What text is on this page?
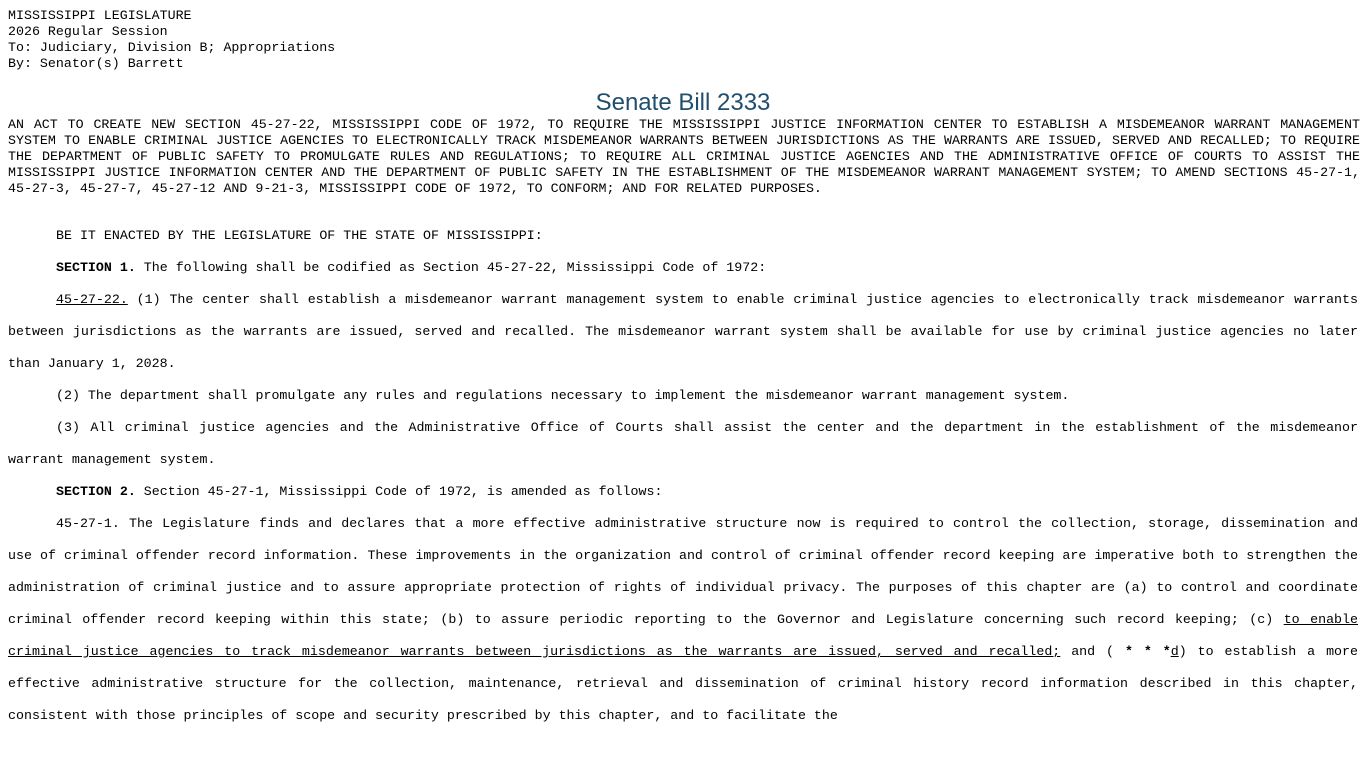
MISSISSIPPI LEGISLATURE
2026 Regular Session
To: Judiciary, Division B; Appropriations
By: Senator(s) Barrett
Senate Bill 2333
AN ACT TO CREATE NEW SECTION 45-27-22, MISSISSIPPI CODE OF 1972, TO REQUIRE THE MISSISSIPPI JUSTICE INFORMATION CENTER TO ESTABLISH A MISDEMEANOR WARRANT MANAGEMENT SYSTEM TO ENABLE CRIMINAL JUSTICE AGENCIES TO ELECTRONICALLY TRACK MISDEMEANOR WARRANTS BETWEEN JURISDICTIONS AS THE WARRANTS ARE ISSUED, SERVED AND RECALLED; TO REQUIRE THE DEPARTMENT OF PUBLIC SAFETY TO PROMULGATE RULES AND REGULATIONS; TO REQUIRE ALL CRIMINAL JUSTICE AGENCIES AND THE ADMINISTRATIVE OFFICE OF COURTS TO ASSIST THE MISSISSIPPI JUSTICE INFORMATION CENTER AND THE DEPARTMENT OF PUBLIC SAFETY IN THE ESTABLISHMENT OF THE MISDEMEANOR WARRANT MANAGEMENT SYSTEM; TO AMEND SECTIONS 45-27-1, 45-27-3, 45-27-7, 45-27-12 AND 9-21-3, MISSISSIPPI CODE OF 1972, TO CONFORM; AND FOR RELATED PURPOSES.

BE IT ENACTED BY THE LEGISLATURE OF THE STATE OF MISSISSIPPI:

SECTION 1. The following shall be codified as Section 45-27-22, Mississippi Code of 1972:

45-27-22. (1) The center shall establish a misdemeanor warrant management system to enable criminal justice agencies to electronically track misdemeanor warrants between jurisdictions as the warrants are issued, served and recalled. The misdemeanor warrant system shall be available for use by criminal justice agencies no later than January 1, 2028.

(2) The department shall promulgate any rules and regulations necessary to implement the misdemeanor warrant management system.

(3) All criminal justice agencies and the Administrative Office of Courts shall assist the center and the department in the establishment of the misdemeanor warrant management system.

SECTION 2. Section 45-27-1, Mississippi Code of 1972, is amended as follows:

45-27-1. The Legislature finds and declares that a more effective administrative structure now is required to control the collection, storage, dissemination and use of criminal offender record information. These improvements in the organization and control of criminal offender record keeping are imperative both to strengthen the administration of criminal justice and to assure appropriate protection of rights of individual privacy. The purposes of this chapter are (a) to control and coordinate criminal offender record keeping within this state; (b) to assure periodic reporting to the Governor and Legislature concerning such record keeping; (c) to enable criminal justice agencies to track misdemeanor warrants between jurisdictions as the warrants are issued, served and recalled; and ( * * *d) to establish a more effective administrative structure for the collection, maintenance, retrieval and dissemination of criminal history record information described in this chapter, consistent with those principles of scope and security prescribed by this chapter, and to facilitate the
